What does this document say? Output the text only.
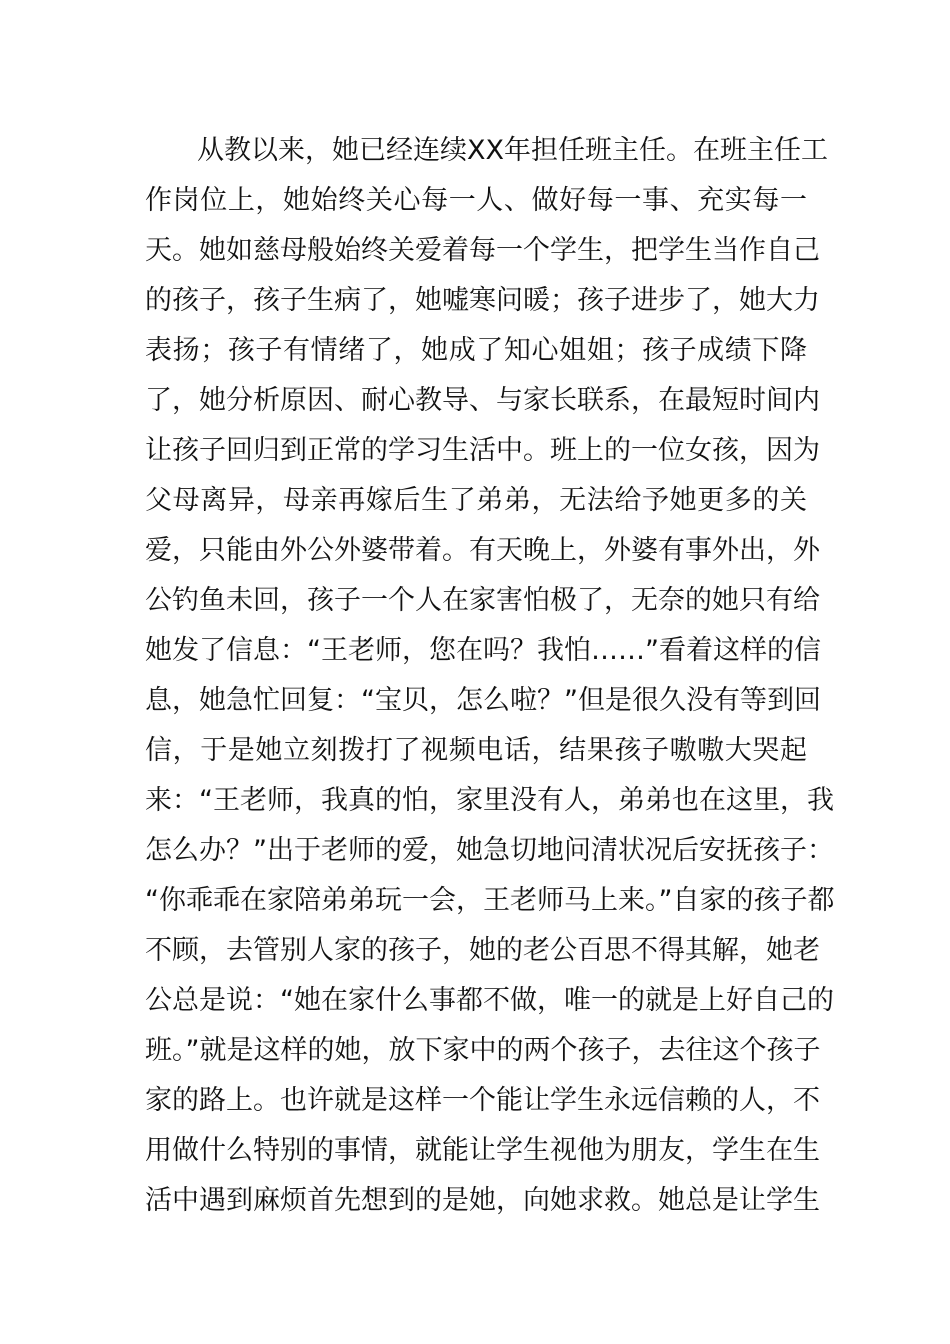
从教以来，她已经连续XX年担任班主任。在班主任工
作岗位上，她始终关心每一人、做好每一事、充实每一
天。她如慈母般始终关爱着每一个学生，把学生当作自己
的孩子，孩子生病了，她嘘寒问暖；孩子进步了，她大力
表扬；孩子有情绪了，她成了知心姐姐；孩子成绩下降
了，她分析原因、耐心教导、与家长联系，在最短时间内
让孩子回归到正常的学习生活中。班上的一位女孩，因为
父母离异，母亲再嫁后生了弟弟，无法给予她更多的关
爱，只能由外公外婆带着。有天晚上，外婆有事外出，外
公钓鱼未回，孩子一个人在家害怕极了，无奈的她只有给
她发了信息：“王老师，您在吗？我怕……”看着这样的信
息，她急忙回复：“宝贝，怎么啦？”但是很久没有等到回
信，于是她立刻拨打了视频电话，结果孩子嗷嗷大哭起
来：“王老师，我真的怕，家里没有人，弟弟也在这里，我
怎么办？”出于老师的爱，她急切地问清状况后安抚孩子：
“你乖乖在家陪弟弟玩一会，王老师马上来。”自家的孩子都
不顾，去管别人家的孩子，她的老公百思不得其解，她老
公总是说：“她在家什么事都不做，唯一的就是上好自己的
班。”就是这样的她，放下家中的两个孩子，去往这个孩子
家的路上。也许就是这样一个能让学生永远信赖的人，不
用做什么特别的事情，就能让学生视他为朋友，学生在生
活中遇到麻烦首先想到的是她，向她求救。她总是让学生
